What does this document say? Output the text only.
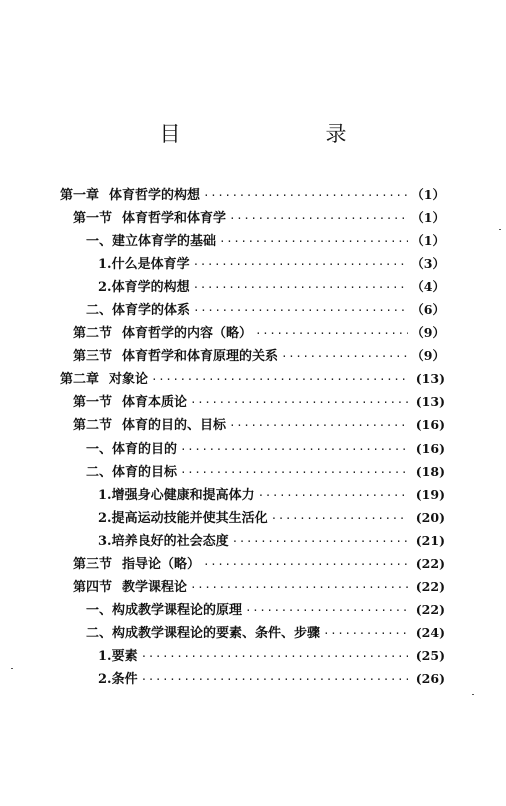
目　录
第一章 体育哲学的构想 ·····	（1）
第一节 体育哲学和体育学 ·····	（1）
一、建立体育学的基础 ·····	（1）
1.什么是体育学 ·····	（3）
2.体育学的构想 ·····	（4）
二、体育学的体系 ·····	（6）
第二节 体育哲学的内容（略） ·····	（9）
第三节 体育哲学和体育原理的关系 ·····	（9）
第二章 对象论 ·····	(13)
第一节 体育本质论 ·····	(13)
第二节 体育的目的、目标 ·····	(16)
一、体育的目的 ·····	(16)
二、体育的目标 ·····	(18)
1.增强身心健康和提高体力 ·····	(19)
2.提高运动技能并使其生活化 ·····	(20)
3.培养良好的社会态度 ·····	(21)
第三节 指导论（略） ·····	(22)
第四节 教学课程论 ·····	(22)
一、构成教学课程论的原理 ·····	(22)
二、构成教学课程论的要素、条件、步骤 ·····	(24)
1.要素 ·····	(25)
2.条件 ·····	(26)
